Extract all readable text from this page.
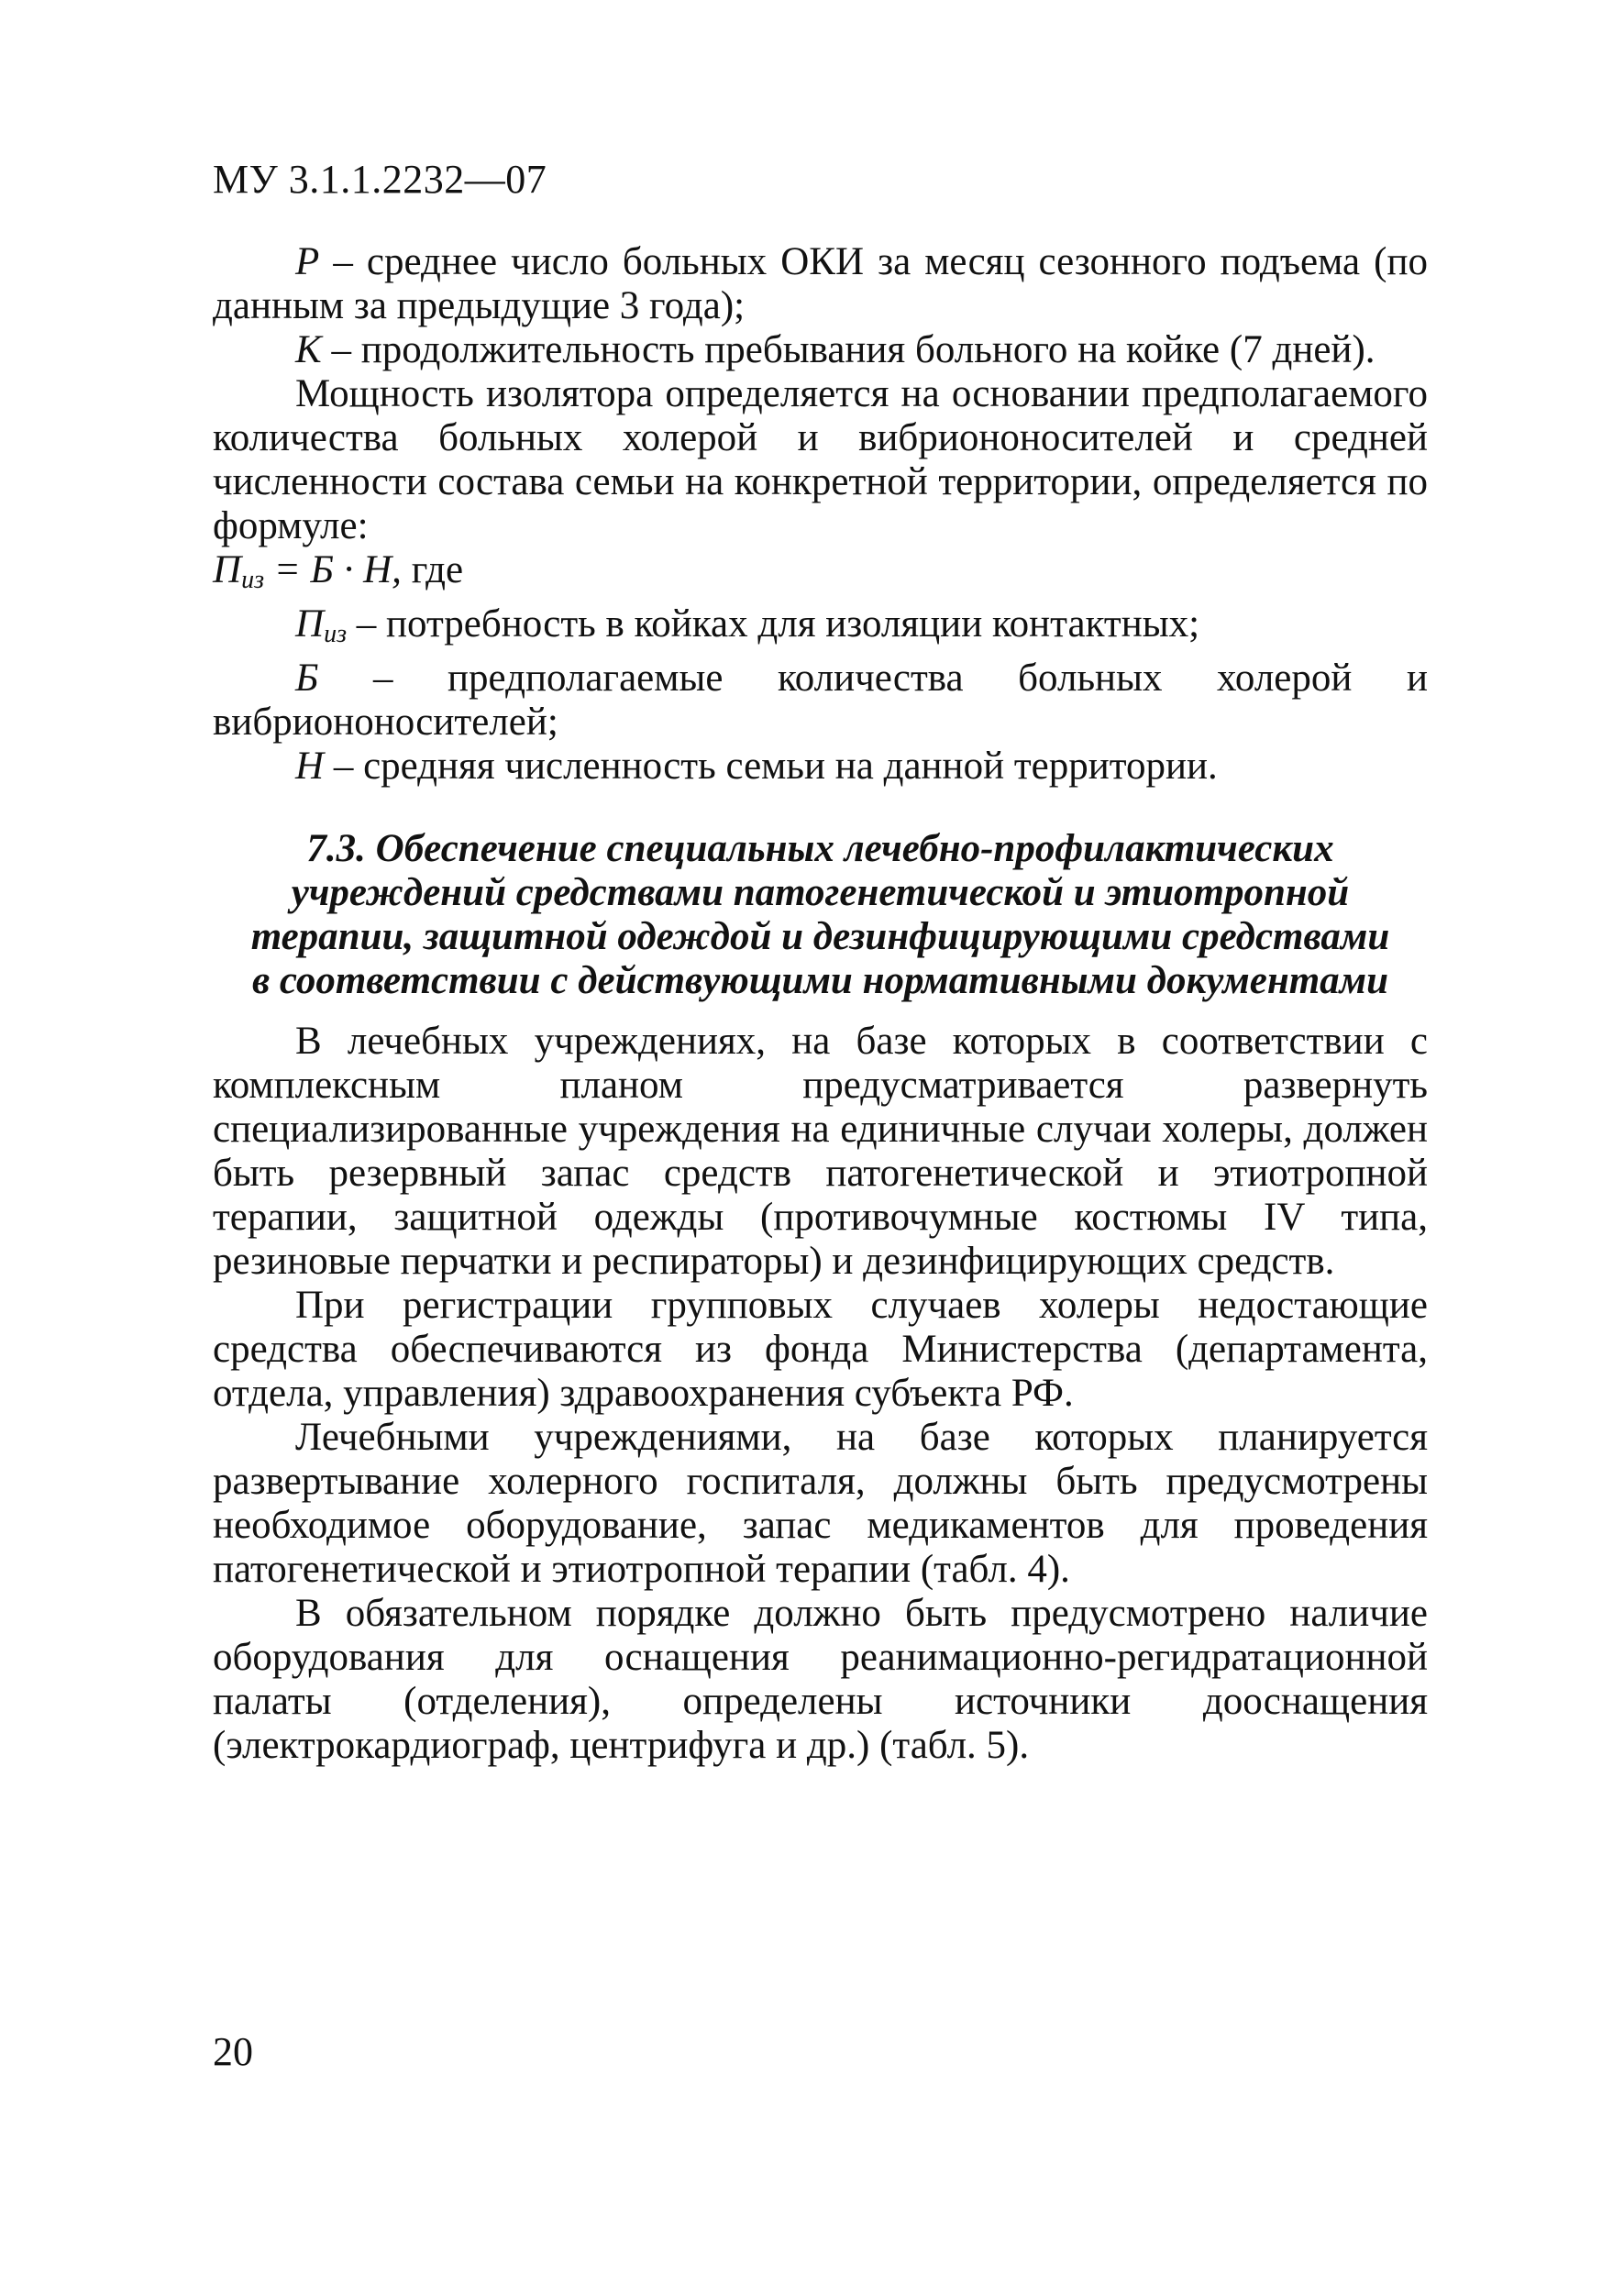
МУ 3.1.1.2232—07

P – среднее число больных ОКИ за месяц сезонного подъема (по данным за предыдущие 3 года);

K – продолжительность пребывания больного на койке (7 дней).

Мощность изолятора определяется на основании предполагаемого количества больных холерой и вибриононосителей и средней численности состава семьи на конкретной территории, определяется по формуле:

$П_{из} = Б \cdot Н$, где

Пиз – потребность в койках для изоляции контактных;

Б – предполагаемые количества больных холерой и вибриононосителей;

Н – средняя численность семьи на данной территории.

7.3. Обеспечение специальных лечебно-профилактических
учреждений средствами патогенетической и этиотропной
терапии, защитной одеждой и дезинфицирующими средствами
в соответствии с действующими нормативными документами

В лечебных учреждениях, на базе которых в соответствии с комплексным планом предусматривается развернуть специализированные учреждения на единичные случаи холеры, должен быть резервный запас средств патогенетической и этиотропной терапии, защитной одежды (противочумные костюмы IV типа, резиновые перчатки и респираторы) и дезинфицирующих средств.

При регистрации групповых случаев холеры недостающие средства обеспечиваются из фонда Министерства (департамента, отдела, управления) здравоохранения субъекта РФ.

Лечебными учреждениями, на базе которых планируется развертывание холерного госпиталя, должны быть предусмотрены необходимое оборудование, запас медикаментов для проведения патогенетической и этиотропной терапии (табл. 4).

В обязательном порядке должно быть предусмотрено наличие оборудования для оснащения реанимационно-регидратационной палаты (отделения), определены источники дооснащения (электрокардиограф, центрифуга и др.) (табл. 5).

20
